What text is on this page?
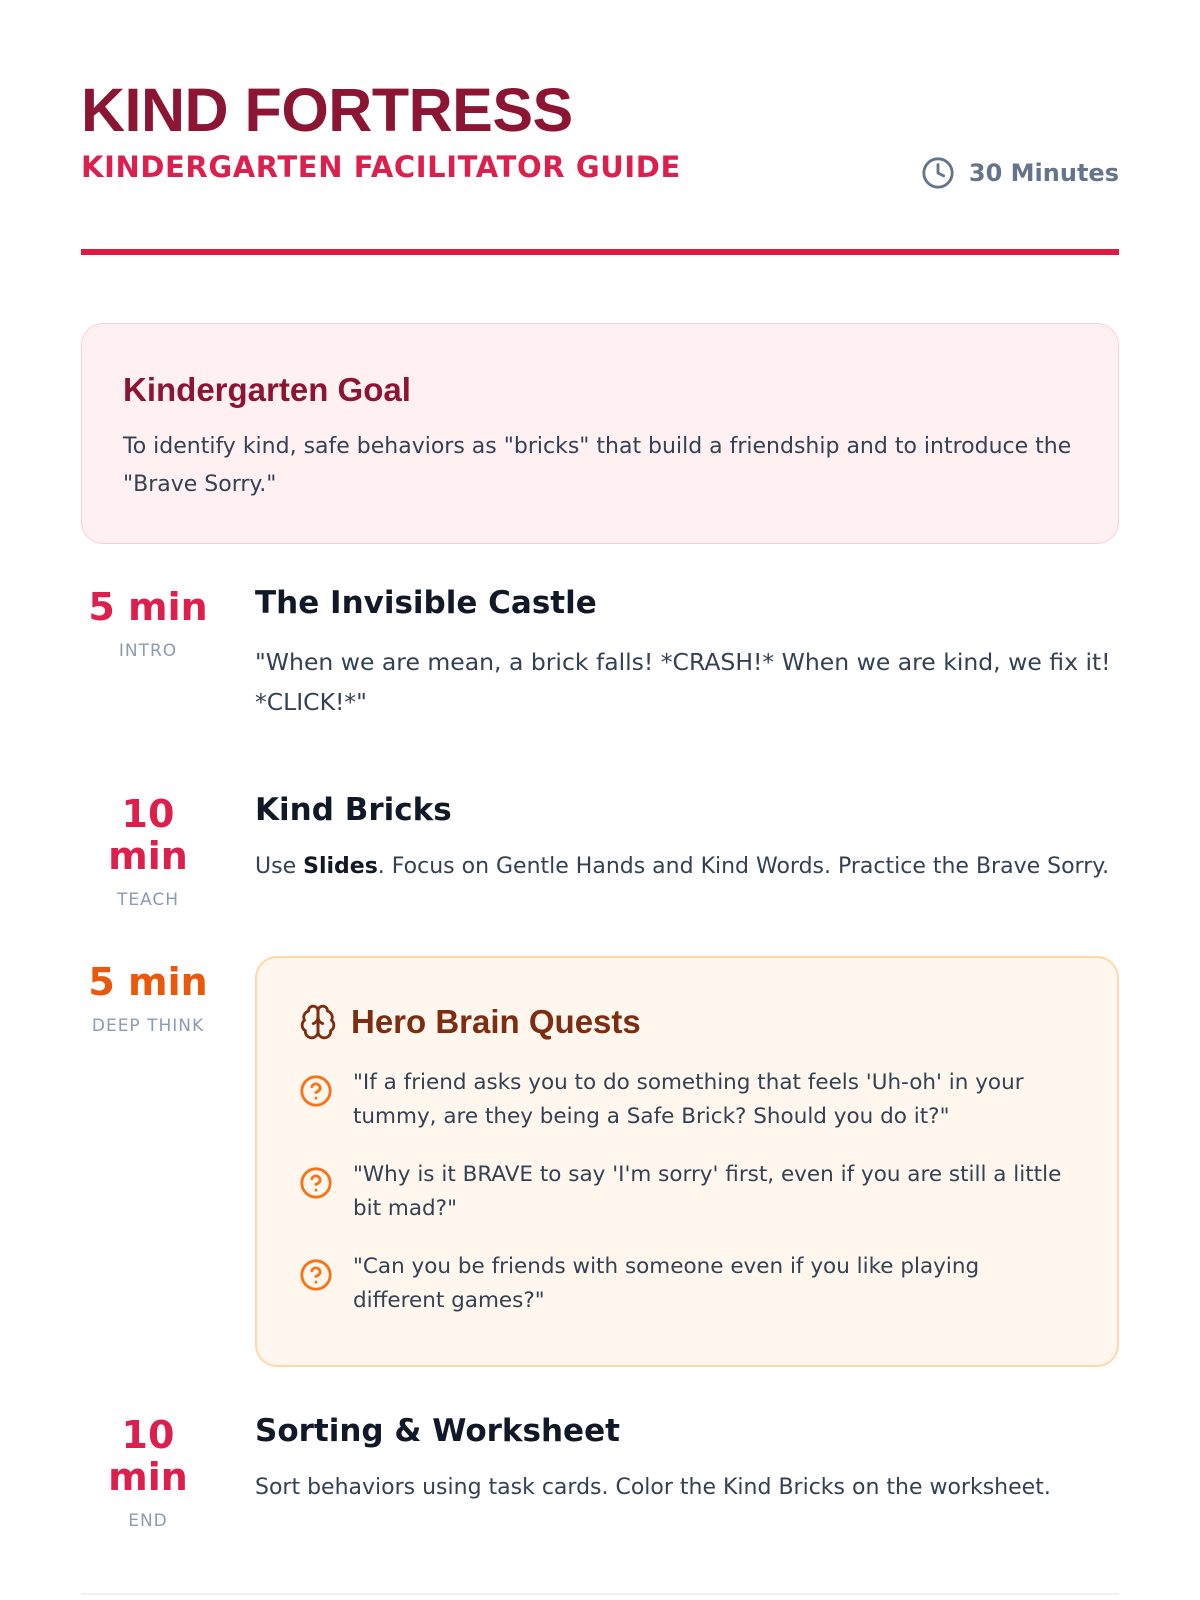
KIND FORTRESS
KINDERGARTEN FACILITATOR GUIDE	30 Minutes
Kindergarten Goal
To identify kind, safe behaviors as "bricks" that build a friendship and to introduce the "Brave Sorry."
5 min
INTRO
The Invisible Castle
"When we are mean, a brick falls! *CRASH!* When we are kind, we fix it! *CLICK!*"
10 min
TEACH
Kind Bricks
Use Slides. Focus on Gentle Hands and Kind Words. Practice the Brave Sorry.
5 min
DEEP THINK	Hero Brain Quests
"If a friend asks you to do something that feels 'Uh-oh' in your tummy, are they being a Safe Brick? Should you do it?"
"Why is it BRAVE to say 'I'm sorry' first, even if you are still a little bit mad?"
"Can you be friends with someone even if you like playing different games?"
10 min
END
Sorting & Worksheet
Sort behaviors using task cards. Color the Kind Bricks on the worksheet.
